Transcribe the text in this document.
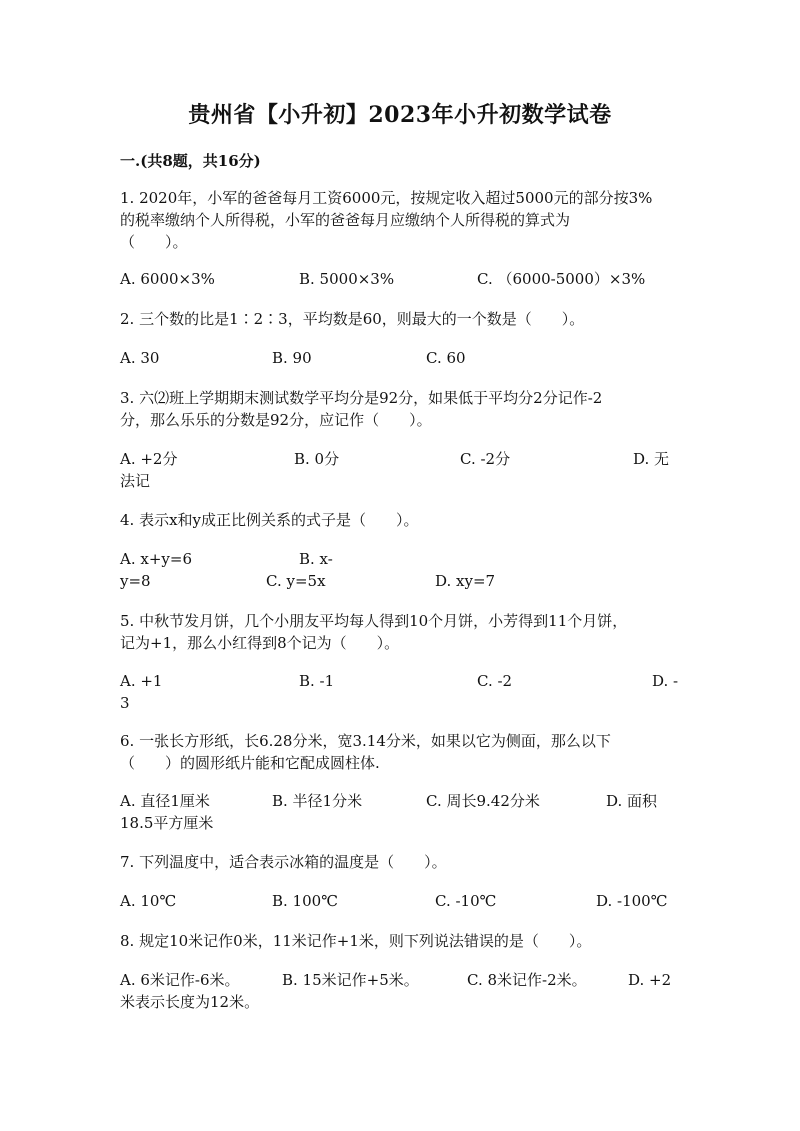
贵州省【小升初】2023年小升初数学试卷
一.(共8题，共16分)
1. 2020年，小军的爸爸每月工资6000元，按规定收入超过5000元的部分按3%
的税率缴纳个人所得税，小军的爸爸每月应缴纳个人所得税的算式为
（　　）。
A. 6000×3%	B. 5000×3%	C. （6000-5000）×3%
2. 三个数的比是1∶2∶3，平均数是60，则最大的一个数是（　　）。
A. 30	B. 90	C. 60
3. 六⑵班上学期期末测试数学平均分是92分，如果低于平均分2分记作-2
分，那么乐乐的分数是92分，应记作（　　）。
A. +2分	B. 0分	C. -2分	D. 无
法记
4. 表示x和y成正比例关系的式子是（　　）。
A. x+y=6	B. x-
y=8	C. y=5x	D. xy=7
5. 中秋节发月饼，几个小朋友平均每人得到10个月饼，小芳得到11个月饼，
记为+1，那么小红得到8个记为（　　）。
A. +1	B. -1	C. -2	D. -
3
6. 一张长方形纸，长6.28分米，宽3.14分米，如果以它为侧面，那么以下
（　　）的圆形纸片能和它配成圆柱体.
A. 直径1厘米	B. 半径1分米	C. 周长9.42分米	D. 面积
18.5平方厘米
7. 下列温度中，适合表示冰箱的温度是（　　）。
A. 10℃	B. 100℃	C. -10℃	D. -100℃
8. 规定10米记作0米，11米记作+1米，则下列说法错误的是（　　）。
A. 6米记作-6米。	B. 15米记作+5米。	C. 8米记作-2米。	D. +2
米表示长度为12米。
